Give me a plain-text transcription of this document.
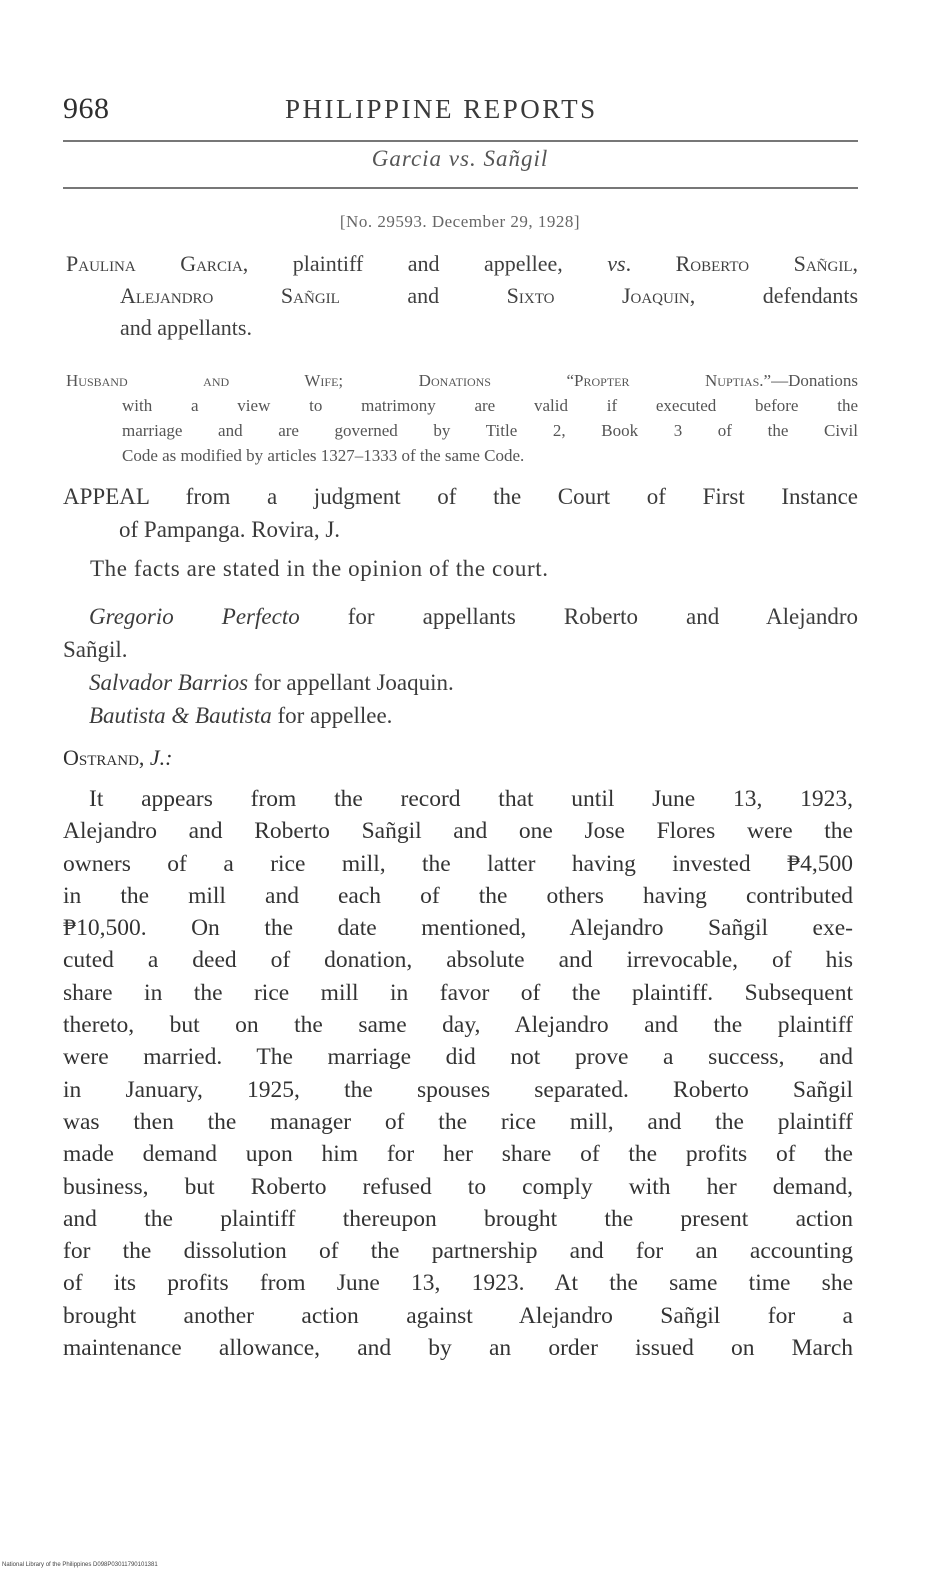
968	PHILIPPINE REPORTS
Garcia vs. Sañgil
[No. 29593. December 29, 1928]
Paulina Garcia, plaintiff and appellee, vs. Roberto Sañgil,
Alejandro Sañgil and Sixto Joaquin, defendants
and appellants.
Husband and Wife; Donations “Propter Nuptias.”—Donations
with a view to matrimony are valid if executed before the
marriage and are governed by Title 2, Book 3 of the Civil
Code as modified by articles 1327–1333 of the same Code.
APPEAL from a judgment of the Court of First Instance
of Pampanga. Rovira, J.
The facts are stated in the opinion of the court.
Gregorio Perfecto for appellants Roberto and Alejandro
Sañgil.
Salvador Barrios for appellant Joaquin.
Bautista & Bautista for appellee.
Ostrand, J.:
It appears from the record that until June 13, 1923,
Alejandro and Roberto Sañgil and one Jose Flores were the
owners of a rice mill, the latter having invested ₱4,500
in the mill and each of the others having contributed
₱10,500. On the date mentioned, Alejandro Sañgil exe-
cuted a deed of donation, absolute and irrevocable, of his
share in the rice mill in favor of the plaintiff. Subsequent
thereto, but on the same day, Alejandro and the plaintiff
were married. The marriage did not prove a success, and
in January, 1925, the spouses separated. Roberto Sañgil
was then the manager of the rice mill, and the plaintiff
made demand upon him for her share of the profits of the
business, but Roberto refused to comply with her demand,
and the plaintiff thereupon brought the present action
for the dissolution of the partnership and for an accounting
of its profits from June 13, 1923. At the same time she
brought another action against Alejandro Sañgil for a
maintenance allowance, and by an order issued on March
National Library of the Philippines D098P03011790101381
